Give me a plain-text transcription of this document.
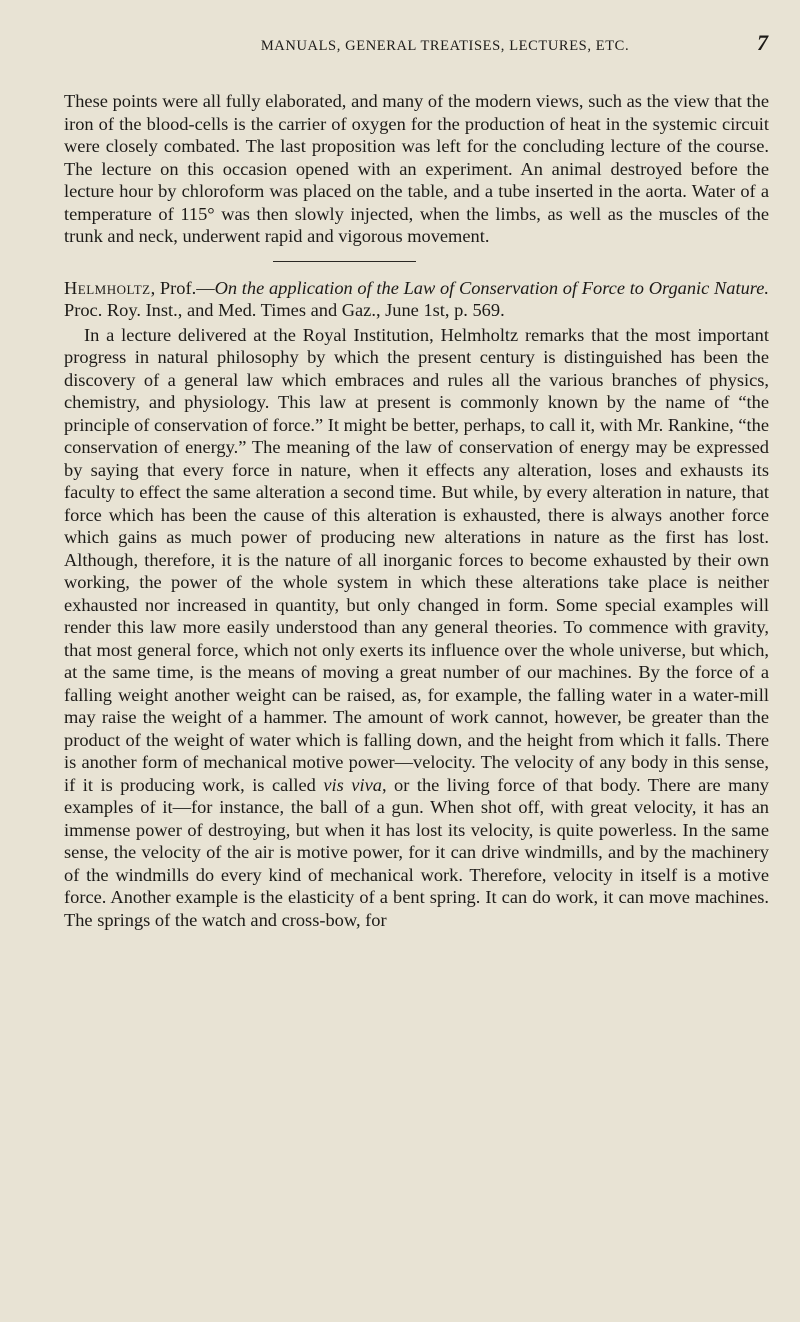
MANUALS, GENERAL TREATISES, LECTURES, ETC.	7

These points were all fully elaborated, and many of the modern views, such as the view that the iron of the blood-cells is the carrier of oxygen for the production of heat in the systemic circuit were closely combated. The last proposition was left for the concluding lecture of the course. The lecture on this occasion opened with an experiment. An animal destroyed before the lecture hour by chloroform was placed on the table, and a tube inserted in the aorta. Water of a temperature of 115° was then slowly injected, when the limbs, as well as the muscles of the trunk and neck, underwent rapid and vigorous movement.

Helmholtz, Prof.—On the application of the Law of Conservation of Force to Organic Nature. Proc. Roy. Inst., and Med. Times and Gaz., June 1st, p. 569.

In a lecture delivered at the Royal Institution, Helmholtz remarks that the most important progress in natural philosophy by which the present century is distinguished has been the discovery of a general law which embraces and rules all the various branches of physics, chemistry, and physiology. This law at present is commonly known by the name of “the principle of conservation of force.” It might be better, perhaps, to call it, with Mr. Rankine, “the conservation of energy.” The meaning of the law of conservation of energy may be expressed by saying that every force in nature, when it effects any alteration, loses and exhausts its faculty to effect the same alteration a second time. But while, by every alteration in nature, that force which has been the cause of this alteration is exhausted, there is always another force which gains as much power of producing new alterations in nature as the first has lost. Although, therefore, it is the nature of all inorganic forces to become exhausted by their own working, the power of the whole system in which these alterations take place is neither exhausted nor increased in quantity, but only changed in form. Some special examples will render this law more easily understood than any general theories. To commence with gravity, that most general force, which not only exerts its influence over the whole universe, but which, at the same time, is the means of moving a great number of our machines. By the force of a falling weight another weight can be raised, as, for example, the falling water in a water-mill may raise the weight of a hammer. The amount of work cannot, however, be greater than the product of the weight of water which is falling down, and the height from which it falls. There is another form of mechanical motive power—velocity. The velocity of any body in this sense, if it is producing work, is called vis viva, or the living force of that body. There are many examples of it—for instance, the ball of a gun. When shot off, with great velocity, it has an immense power of destroying, but when it has lost its velocity, is quite powerless. In the same sense, the velocity of the air is motive power, for it can drive windmills, and by the machinery of the windmills do every kind of mechanical work. Therefore, velocity in itself is a motive force. Another example is the elasticity of a bent spring. It can do work, it can move machines. The springs of the watch and cross-bow, for
